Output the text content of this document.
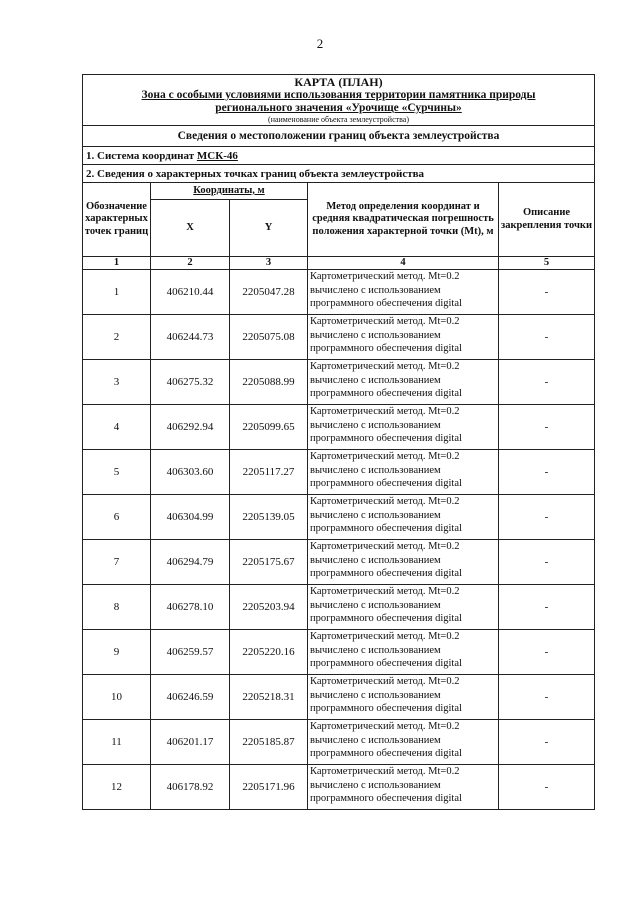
2
КАРТА (ПЛАН)
Зона с особыми условиями использования территории памятника природы
регионального значения «Урочище «Сурчины»
(наименование объекта землеустройства)				

Сведения о местоположении границ объекта землеустройства				
1. Система координат МСК-46				
2. Сведения о характерных точках границ объекта землеустройства				
Обозначение характерных точек границ	Координаты, м		Метод определения координат и средняя квадратическая погрешность положения характерной точки (Mt), м	Описание закрепления точки
	X	Y		
1	2	3	4	5
1	406210.44	2205047.28	Картометрический метод. Mt=0.2
вычислено с использованием
программного обеспечения digital	-
2	406244.73	2205075.08	Картометрический метод. Mt=0.2
вычислено с использованием
программного обеспечения digital	-
3	406275.32	2205088.99	Картометрический метод. Mt=0.2
вычислено с использованием
программного обеспечения digital	-
4	406292.94	2205099.65	Картометрический метод. Mt=0.2
вычислено с использованием
программного обеспечения digital	-
5	406303.60	2205117.27	Картометрический метод. Mt=0.2
вычислено с использованием
программного обеспечения digital	-
6	406304.99	2205139.05	Картометрический метод. Mt=0.2
вычислено с использованием
программного обеспечения digital	-
7	406294.79	2205175.67	Картометрический метод. Mt=0.2
вычислено с использованием
программного обеспечения digital	-
8	406278.10	2205203.94	Картометрический метод. Mt=0.2
вычислено с использованием
программного обеспечения digital	-
9	406259.57	2205220.16	Картометрический метод. Mt=0.2
вычислено с использованием
программного обеспечения digital	-
10	406246.59	2205218.31	Картометрический метод. Mt=0.2
вычислено с использованием
программного обеспечения digital	-
11	406201.17	2205185.87	Картометрический метод. Mt=0.2
вычислено с использованием
программного обеспечения digital	-
12	406178.92	2205171.96	Картометрический метод. Mt=0.2
вычислено с использованием
программного обеспечения digital	-
